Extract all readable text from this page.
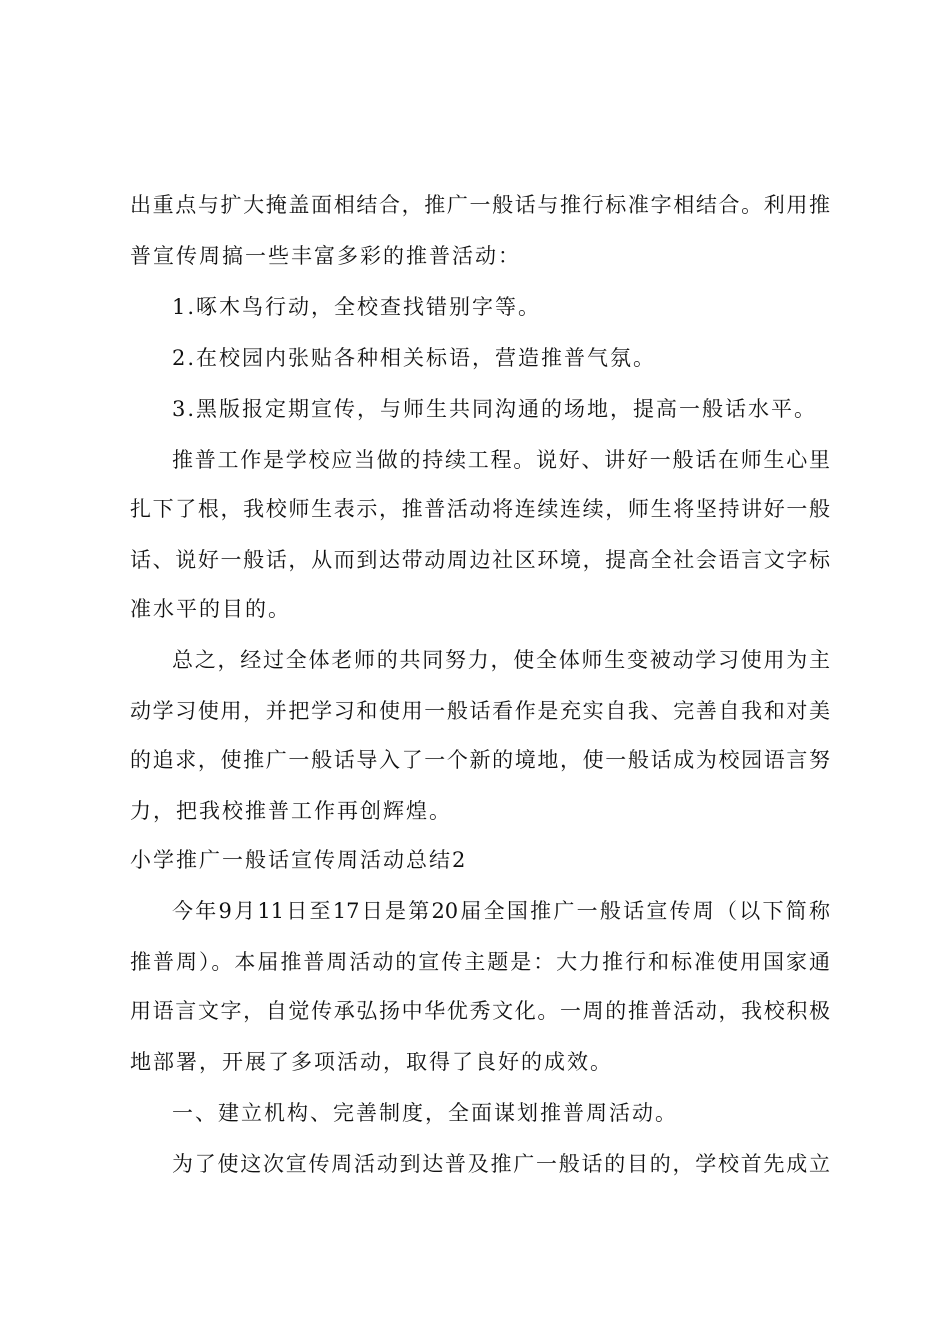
出重点与扩大掩盖面相结合，推广一般话与推行标准字相结合。利用推

普宣传周搞一些丰富多彩的推普活动：

1.啄木鸟行动，全校查找错别字等。

2.在校园内张贴各种相关标语，营造推普气氛。

3.黑版报定期宣传，与师生共同沟通的场地，提高一般话水平。

推普工作是学校应当做的持续工程。说好、讲好一般话在师生心里

扎下了根，我校师生表示，推普活动将连续连续，师生将坚持讲好一般

话、说好一般话，从而到达带动周边社区环境，提高全社会语言文字标

准水平的目的。

总之，经过全体老师的共同努力，使全体师生变被动学习使用为主

动学习使用，并把学习和使用一般话看作是充实自我、完善自我和对美

的追求，使推广一般话导入了一个新的境地，使一般话成为校园语言努

力，把我校推普工作再创辉煌。

小学推广一般话宣传周活动总结2

今年9月11日至17日是第20届全国推广一般话宣传周（以下简称

推普周）。本届推普周活动的宣传主题是：大力推行和标准使用国家通

用语言文字，自觉传承弘扬中华优秀文化。一周的推普活动，我校积极

地部署，开展了多项活动，取得了良好的成效。

一、建立机构、完善制度，全面谋划推普周活动。

为了使这次宣传周活动到达普及推广一般话的目的，学校首先成立
